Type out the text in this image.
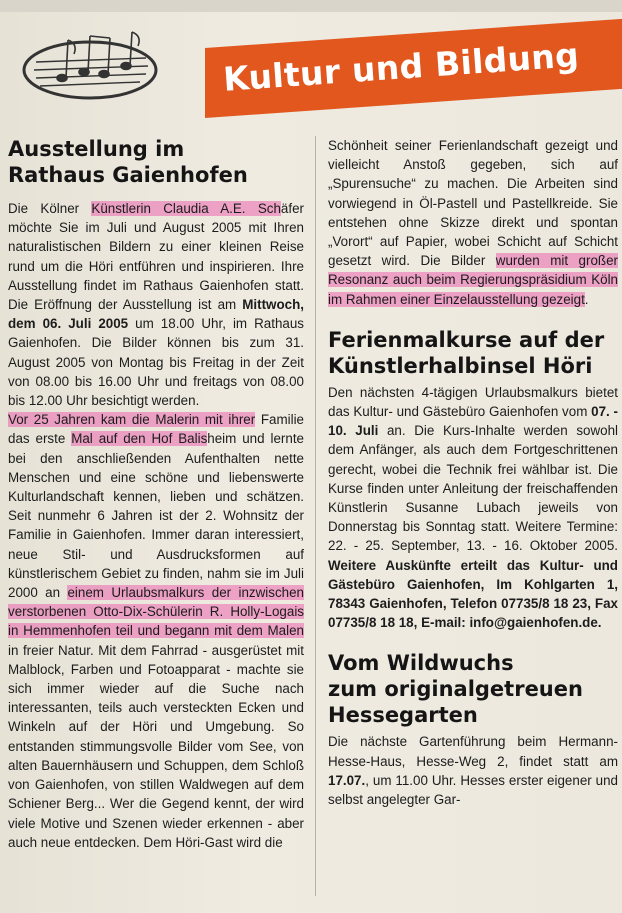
Kultur und Bildung
Ausstellung im
Rathaus Gaienhofen

Die Kölner Künstlerin Claudia A.E. Schäfer möchte Sie im Juli und August 2005 mit Ihren naturalistischen Bildern zu einer kleinen Reise rund um die Höri entführen und inspirieren. Ihre Ausstellung findet im Rathaus Gaienhofen statt. Die Eröffnung der Ausstellung ist am Mittwoch, dem 06. Juli 2005 um 18.00 Uhr, im Rathaus Gaienhofen. Die Bilder können bis zum 31. August 2005 von Montag bis Freitag in der Zeit von 08.00 bis 16.00 Uhr und freitags von 08.00 bis 12.00 Uhr besichtigt werden.

Vor 25 Jahren kam die Malerin mit ihrer Familie das erste Mal auf den Hof Balisheim und lernte bei den anschließenden Aufenthalten nette Menschen und eine schöne und liebenswerte Kulturlandschaft kennen, lieben und schätzen. Seit nunmehr 6 Jahren ist der 2. Wohnsitz der Familie in Gaienhofen. Immer daran interessiert, neue Stil- und Ausdrucksformen auf künstlerischem Gebiet zu finden, nahm sie im Juli 2000 an einem Urlaubsmalkurs der inzwischen verstorbenen Otto-Dix-Schülerin R. Holly-Logais in Hemmenhofen teil und begann mit dem Malen in freier Natur. Mit dem Fahrrad - ausgerüstet mit Malblock, Farben und Fotoapparat - machte sie sich immer wieder auf die Suche nach interessanten, teils auch versteckten Ecken und Winkeln auf der Höri und Umgebung. So entstanden stimmungsvolle Bilder vom See, von alten Bauernhäusern und Schuppen, dem Schloß von Gaienhofen, von stillen Waldwegen auf dem Schiener Berg... Wer die Gegend kennt, der wird viele Motive und Szenen wieder erkennen - aber auch neue entdecken. Dem Höri-Gast wird die

Schönheit seiner Ferienlandschaft gezeigt und vielleicht Anstoß gegeben, sich auf „Spurensuche“ zu machen. Die Arbeiten sind vorwiegend in Öl-Pastell und Pastellkreide. Sie entstehen ohne Skizze direkt und spontan „Vorort“ auf Papier, wobei Schicht auf Schicht gesetzt wird. Die Bilder wurden mit großer Resonanz auch beim Regierungspräsidium Köln im Rahmen einer Einzelausstellung gezeigt.

Ferienmalkurse auf der
Künstlerhalbinsel Höri

Den nächsten 4-tägigen Urlaubsmalkurs bietet das Kultur- und Gästebüro Gaienhofen vom 07. - 10. Juli an. Die Kurs-Inhalte werden sowohl dem Anfänger, als auch dem Fortgeschrittenen gerecht, wobei die Technik frei wählbar ist. Die Kurse finden unter Anleitung der freischaffenden Künstlerin Susanne Lubach jeweils von Donnerstag bis Sonntag statt. Weitere Termine: 22. - 25. September, 13. - 16. Oktober 2005. Weitere Auskünfte erteilt das Kultur- und Gästebüro Gaienhofen, Im Kohlgarten 1, 78343 Gaienhofen, Telefon 07735/8 18 23, Fax 07735/8 18 18, E-mail: info@gaienhofen.de.

Vom Wildwuchs
zum originalgetreuen
Hessegarten

Die nächste Gartenführung beim Hermann-Hesse-Haus, Hesse-Weg 2, findet statt am 17.07., um 11.00 Uhr. Hesses erster eigener und selbst angelegter Gar-
